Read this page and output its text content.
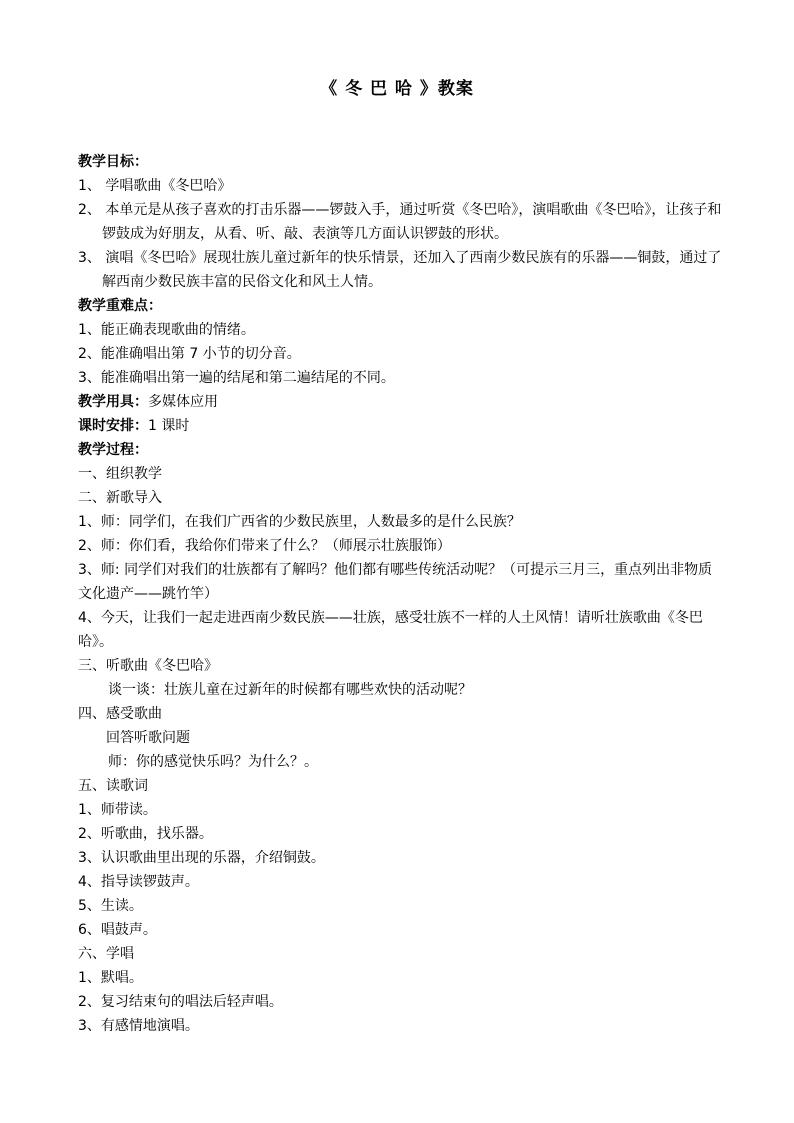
《 冬 巴 哈 》教案
教学目标：
1、 学唱歌曲《冬巴哈》
2、 本单元是从孩子喜欢的打击乐器——锣鼓入手，通过听赏《冬巴哈》，演唱歌曲《冬巴哈》，让孩子和锣鼓成为好朋友，从看、听、敲、表演等几方面认识锣鼓的形状。
3、 演唱《冬巴哈》展现壮族儿童过新年的快乐情景，还加入了西南少数民族有的乐器——铜鼓，通过了解西南少数民族丰富的民俗文化和风土人情。
教学重难点：
1、能正确表现歌曲的情绪。
2、能准确唱出第 7 小节的切分音。
3、能准确唱出第一遍的结尾和第二遍结尾的不同。
教学用具：多媒体应用
课时安排：1 课时
教学过程：
一、组织教学
二、新歌导入
1、师：同学们，在我们广西省的少数民族里，人数最多的是什么民族？
2、师：你们看，我给你们带来了什么？（师展示壮族服饰）
3、师: 同学们对我们的壮族都有了解吗？他们都有哪些传统活动呢？（可提示三月三，重点列出非物质文化遗产——跳竹竿）
4、今天，让我们一起走进西南少数民族——壮族，感受壮族不一样的人土风情！请听壮族歌曲《冬巴哈》。
三、听歌曲《冬巴哈》
谈一谈：壮族儿童在过新年的时候都有哪些欢快的活动呢？
四、感受歌曲
回答听歌问题
师：你的感觉快乐吗？为什么？。
五、读歌词
1、师带读。
2、听歌曲，找乐器。
3、认识歌曲里出现的乐器，介绍铜鼓。
4、指导读锣鼓声。
5、生读。
6、唱鼓声。
六、学唱
1、默唱。
2、复习结束句的唱法后轻声唱。
3、有感情地演唱。
